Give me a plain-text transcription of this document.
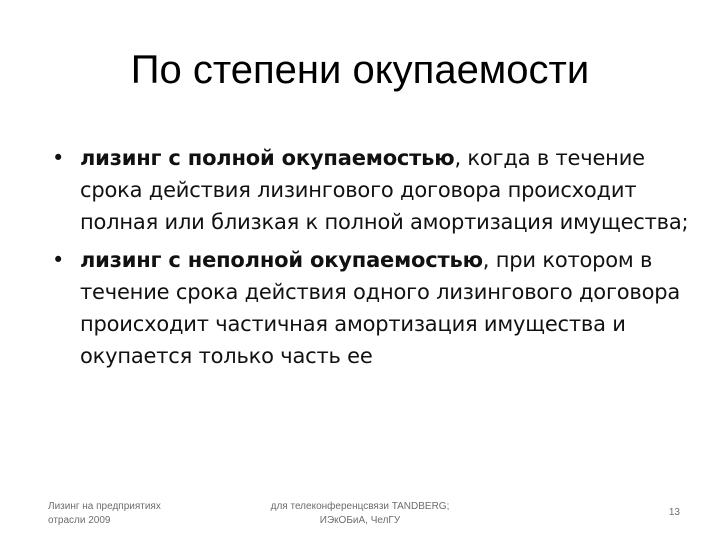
По степени окупаемости
• лизинг с полной окупаемостью, когда в течение срока действия лизингового договора происходит полная или близкая к полной амортизация имущества;
• лизинг с неполной окупаемостью, при котором в течение срока действия одного лизингового договора происходит частичная амортизация имущества и окупается только часть ее
Лизинг на предприятиях
отрасли 2009
для телеконференцсвязи TANDBERG;
ИЭкОБиА, ЧелГУ
13
